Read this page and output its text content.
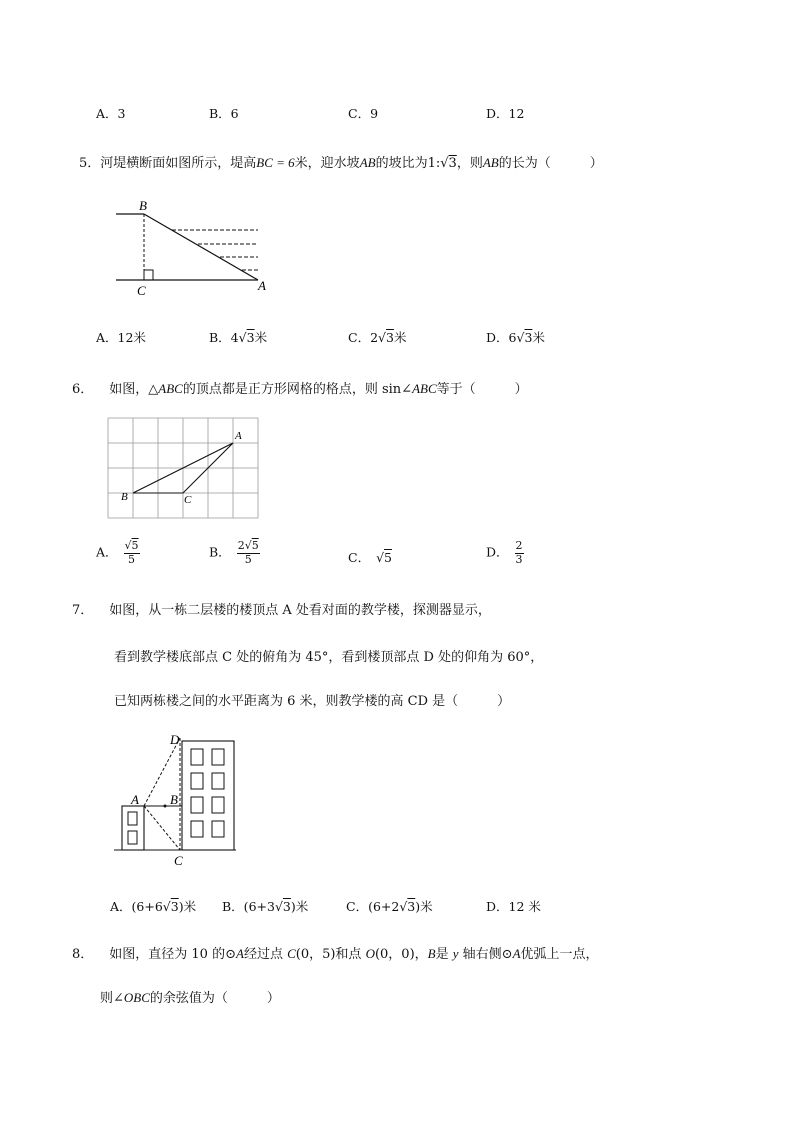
A．3	B．6	C．9	D．12
5．河堤横断面如图所示，堤高BC = 6米，迎水坡AB的坡比为1:√3，则AB的长为（　　　）
B
C	A
A．12米	B．4√3米	C．2√3米	D．6√3米
6． 如图，△ABC的顶点都是正方形网格的格点，则 sin∠ABC等于（　　　）
A
B	C
A． $\frac{√5}{5}$	B． $\frac{2√5}{5}$	C． √5	D． $\frac{2}{3}$
7． 如图，从一栋二层楼的楼顶点 A 处看对面的教学楼，探测器显示，
看到教学楼底部点 C 处的俯角为 45°，看到楼顶部点 D 处的仰角为 60°，
已知两栋楼之间的水平距离为 6 米，则教学楼的高 CD 是（　　　）
D
A B
C
A．(6+6√3)米 B．(6+3√3)米	C．(6+2√3)米	D．12 米
8． 如图，直径为 10 的⊙A经过点 C(0，5)和点 O(0，0)，B是 y 轴右侧⊙A优弧上一点，
则∠OBC的余弦值为（　　　）
